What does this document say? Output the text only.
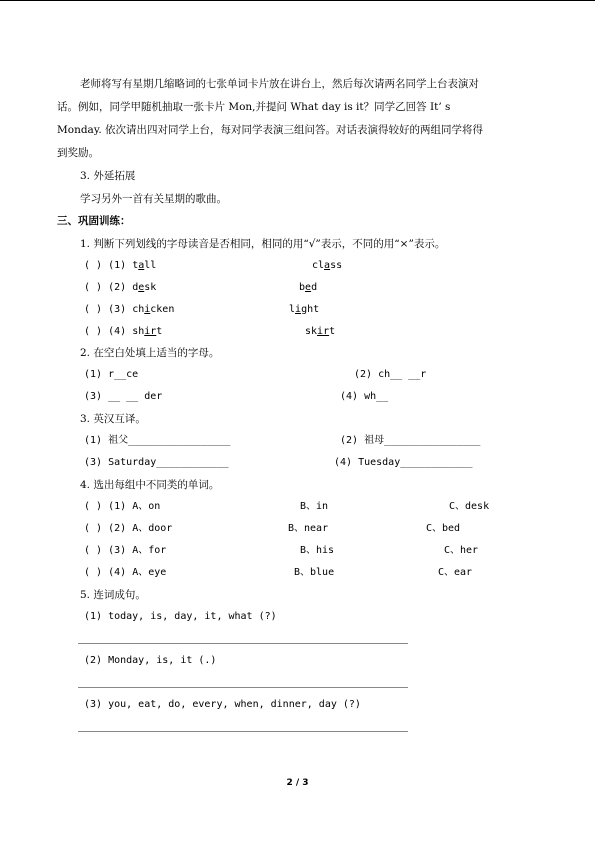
老师将写有星期几缩略词的七张单词卡片放在讲台上，然后每次请两名同学上台表演对
话。例如，同学甲随机抽取一张卡片 Mon,并提问 What day is it？同学乙回答 It’ s
Monday. 依次请出四对同学上台，每对同学表演三组问答。对话表演得较好的两组同学将得
到奖励。
3. 外延拓展
学习另外一首有关星期的歌曲。
三、巩固训练：
1. 判断下列划线的字母读音是否相同，相同的用“√”表示，不同的用“×”表示。
( ) (1) tall	class
( ) (2) desk	bed
( ) (3) chicken	light
( ) (4) shirt	skirt
2. 在空白处填上适当的字母。
(1) r__ce	(2) ch__ __r
(3) __ __ der	(4) wh__
3. 英汉互译。
(1) 祖父_________________	(2) 祖母________________
(3) Saturday____________	(4) Tuesday____________
4. 选出每组中不同类的单词。
( ) (1) A、on	B、in	C、desk
( ) (2) A、door	B、near	C、bed
( ) (3) A、for	B、his	C、her
( ) (4) A、eye	B、blue	C、ear
5. 连词成句。
(1) today, is, day, it, what (?)
(2) Monday, is, it (.)
(3) you, eat, do, every, when, dinner, day (?)
2 / 3
